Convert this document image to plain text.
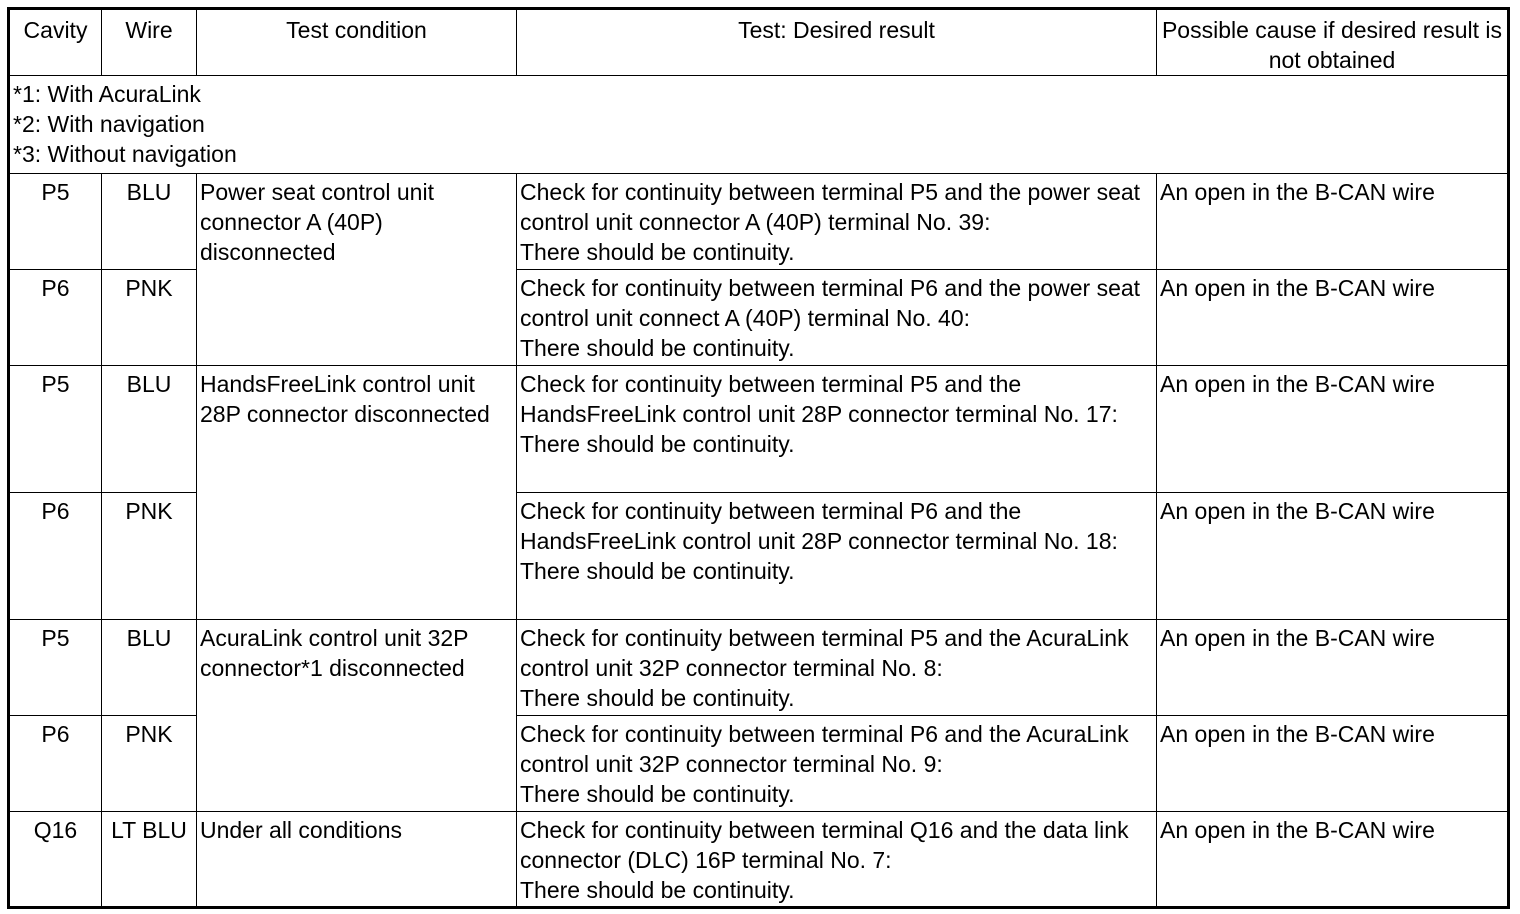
Cavity	Wire	Test condition	Test: Desired result	Possible cause if desired result is not obtained

*1: With AcuraLink
*2: With navigation
*3: Without navigation				

P5	BLU	Power seat control unit connector A (40P) disconnected	Check for continuity between terminal P5 and the power seat control unit connector A (40P) terminal No. 39:
There should be continuity.	An open in the B-CAN wire
P6	PNK		Check for continuity between terminal P6 and the power seat control unit connect A (40P) terminal No. 40:
There should be continuity.	An open in the B-CAN wire
P5	BLU	HandsFreeLink control unit 28P connector disconnected	Check for continuity between terminal P5 and the HandsFreeLink control unit 28P connector terminal No. 17:
There should be continuity.	An open in the B-CAN wire
P6	PNK		Check for continuity between terminal P6 and the HandsFreeLink control unit 28P connector terminal No. 18:
There should be continuity.	An open in the B-CAN wire
P5	BLU	AcuraLink control unit 32P connector*1 disconnected	Check for continuity between terminal P5 and the AcuraLink control unit 32P connector terminal No. 8:
There should be continuity.	An open in the B-CAN wire
P6	PNK		Check for continuity between terminal P6 and the AcuraLink control unit 32P connector terminal No. 9:
There should be continuity.	An open in the B-CAN wire
Q16	LT BLU	Under all conditions	Check for continuity between terminal Q16 and the data link connector (DLC) 16P terminal No. 7:
There should be continuity.	An open in the B-CAN wire
